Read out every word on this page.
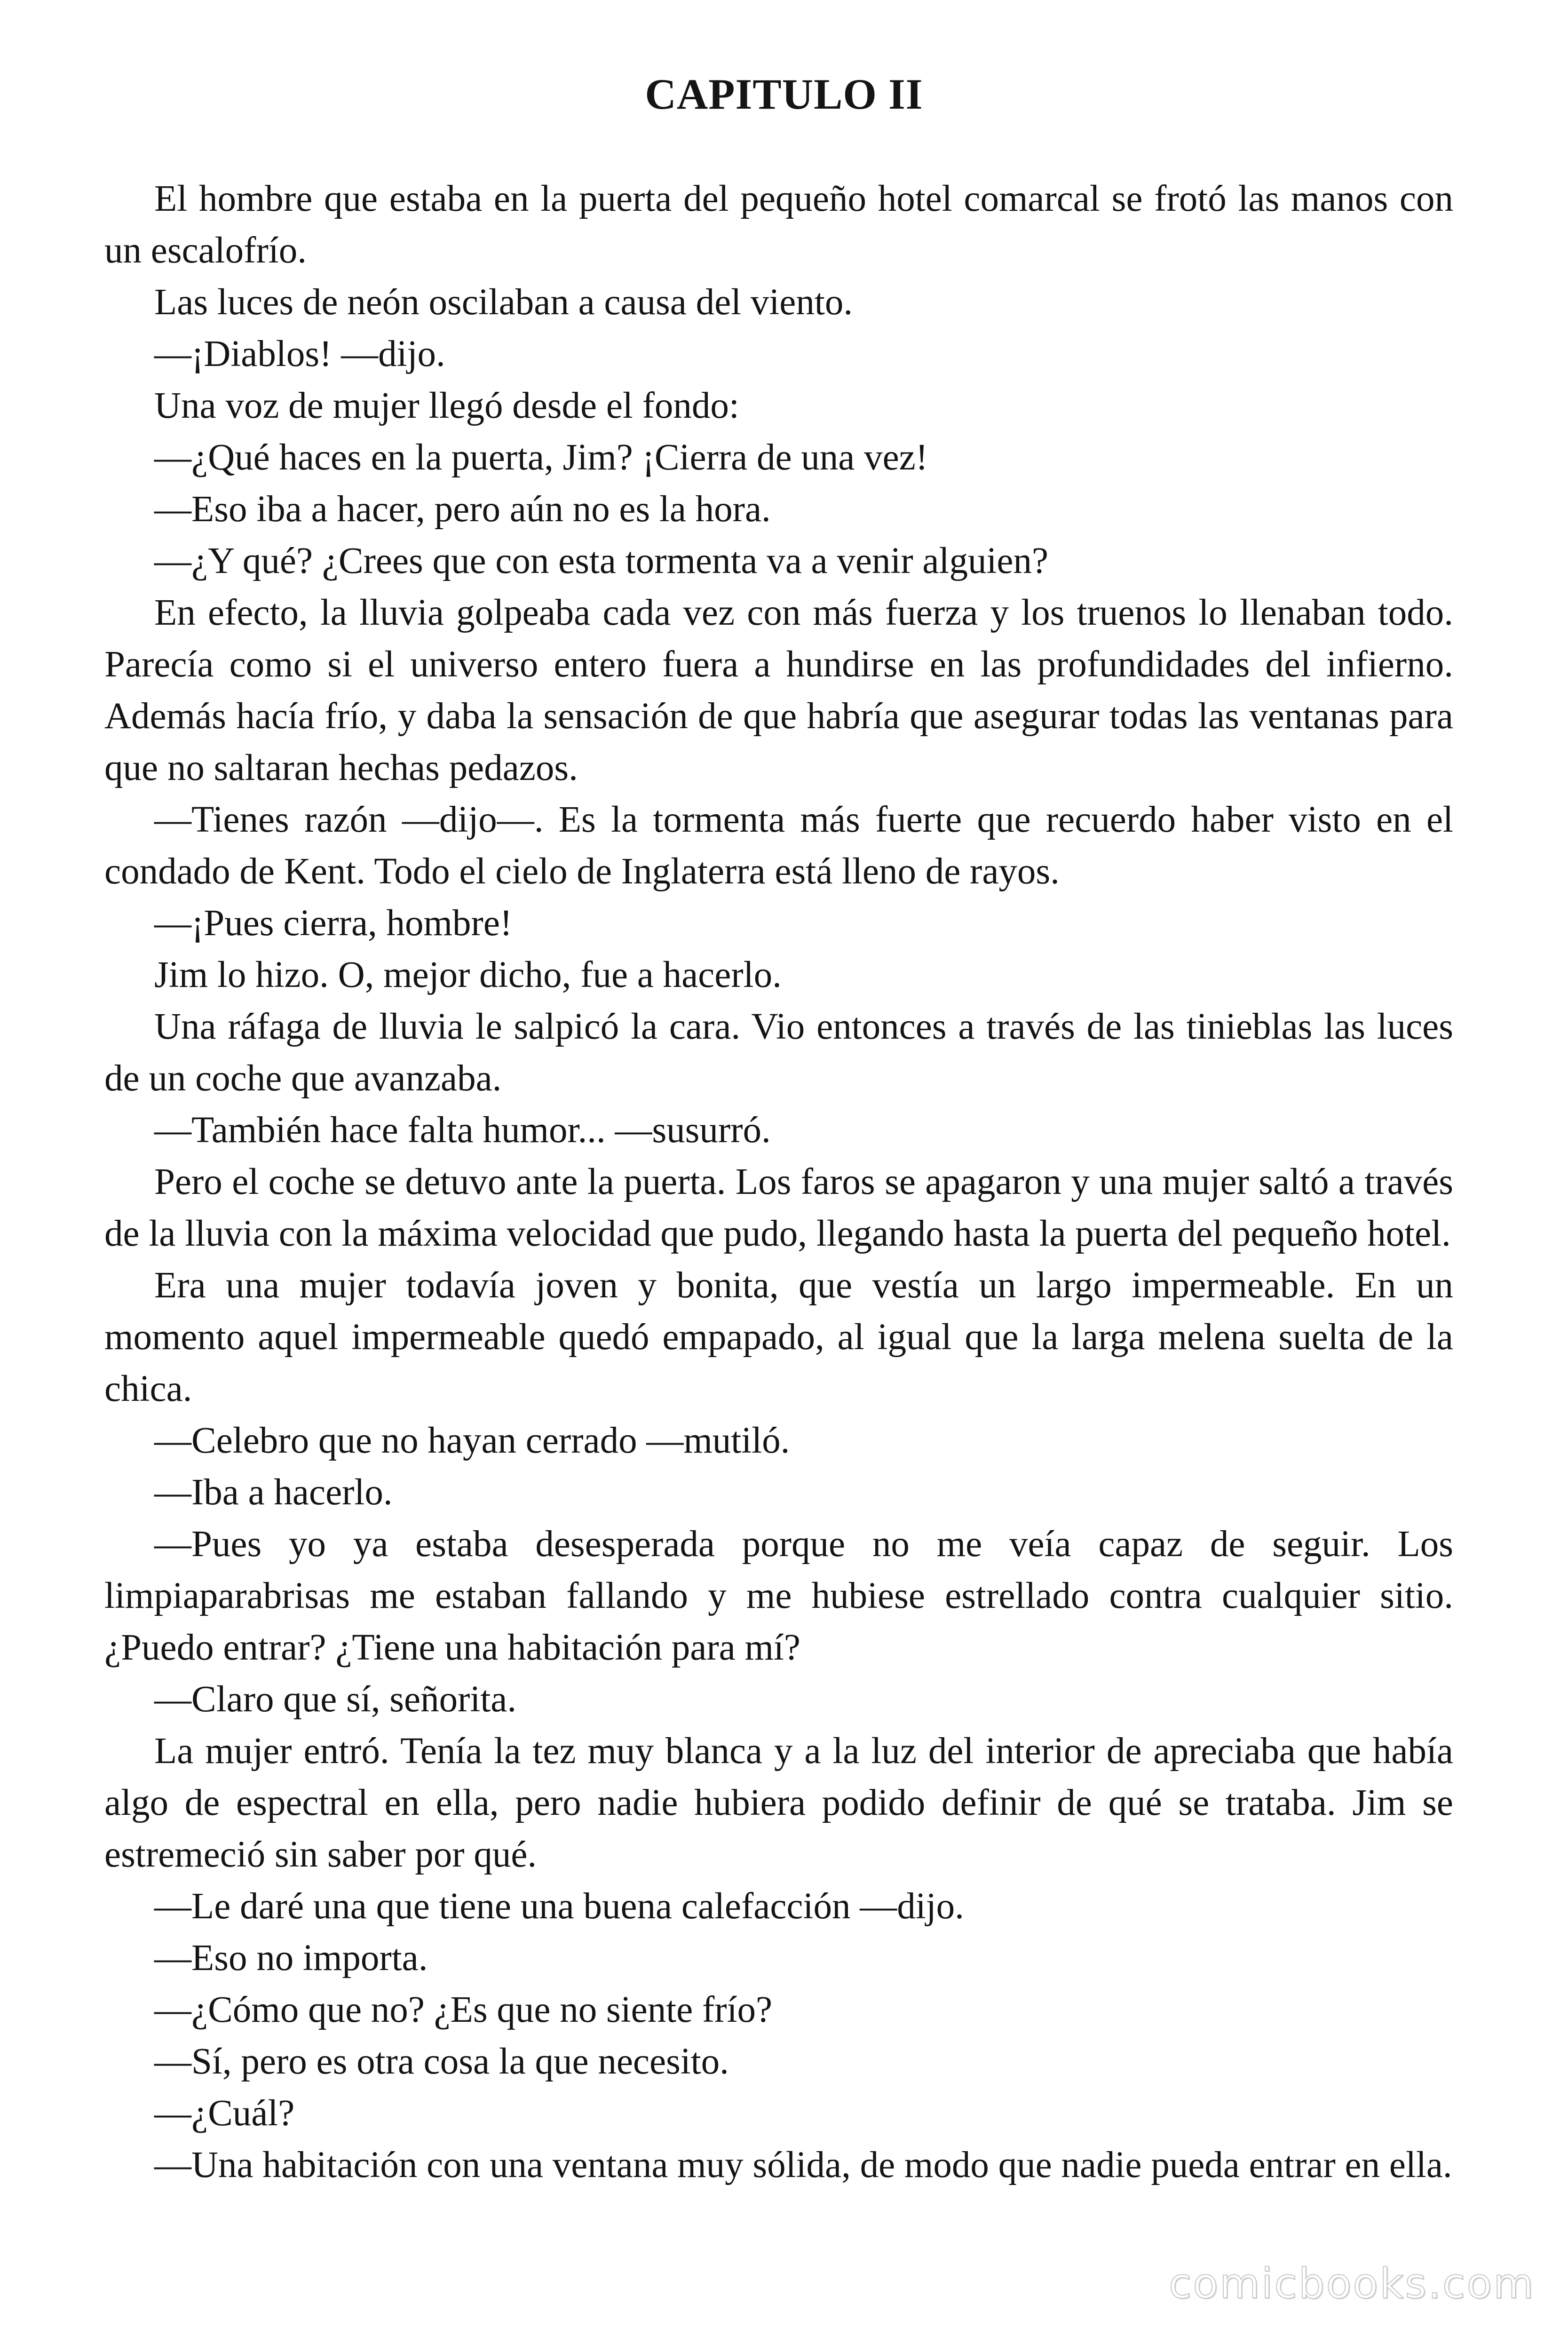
CAPITULO II

El hombre que estaba en la puerta del pequeño hotel comarcal se frotó las manos con un escalofrío.

Las luces de neón oscilaban a causa del viento.

—¡Diablos! —dijo.

Una voz de mujer llegó desde el fondo:

—¿Qué haces en la puerta, Jim? ¡Cierra de una vez!

—Eso iba a hacer, pero aún no es la hora.

—¿Y qué? ¿Crees que con esta tormenta va a venir alguien?

En efecto, la lluvia golpeaba cada vez con más fuerza y los truenos lo llenaban todo. Parecía como si el universo entero fuera a hundirse en las profundidades del infierno. Además hacía frío, y daba la sensación de que habría que asegurar todas las ventanas para que no saltaran hechas pedazos.

—Tienes razón —dijo—. Es la tormenta más fuerte que recuerdo haber visto en el condado de Kent. Todo el cielo de Inglaterra está lleno de rayos.

—¡Pues cierra, hombre!

Jim lo hizo. O, mejor dicho, fue a hacerlo.

Una ráfaga de lluvia le salpicó la cara. Vio entonces a través de las tinieblas las luces de un coche que avanzaba.

—También hace falta humor... —susurró.

Pero el coche se detuvo ante la puerta. Los faros se apagaron y una mujer saltó a través de la lluvia con la máxima velocidad que pudo, llegando hasta la puerta del pequeño hotel.

Era una mujer todavía joven y bonita, que vestía un largo impermeable. En un momento aquel impermeable quedó empapado, al igual que la larga melena suelta de la chica.

—Celebro que no hayan cerrado —mutiló.

—Iba a hacerlo.

—Pues yo ya estaba desesperada porque no me veía capaz de seguir. Los limpiaparabrisas me estaban fallando y me hubiese estrellado contra cualquier sitio. ¿Puedo entrar? ¿Tiene una habitación para mí?

—Claro que sí, señorita.

La mujer entró. Tenía la tez muy blanca y a la luz del interior de apreciaba que había algo de espectral en ella, pero nadie hubiera podido definir de qué se trataba. Jim se estremeció sin saber por qué.

—Le daré una que tiene una buena calefacción —dijo.

—Eso no importa.

—¿Cómo que no? ¿Es que no siente frío?

—Sí, pero es otra cosa la que necesito.

—¿Cuál?

—Una habitación con una ventana muy sólida, de modo que nadie pueda entrar en ella.

comicbooks.com
